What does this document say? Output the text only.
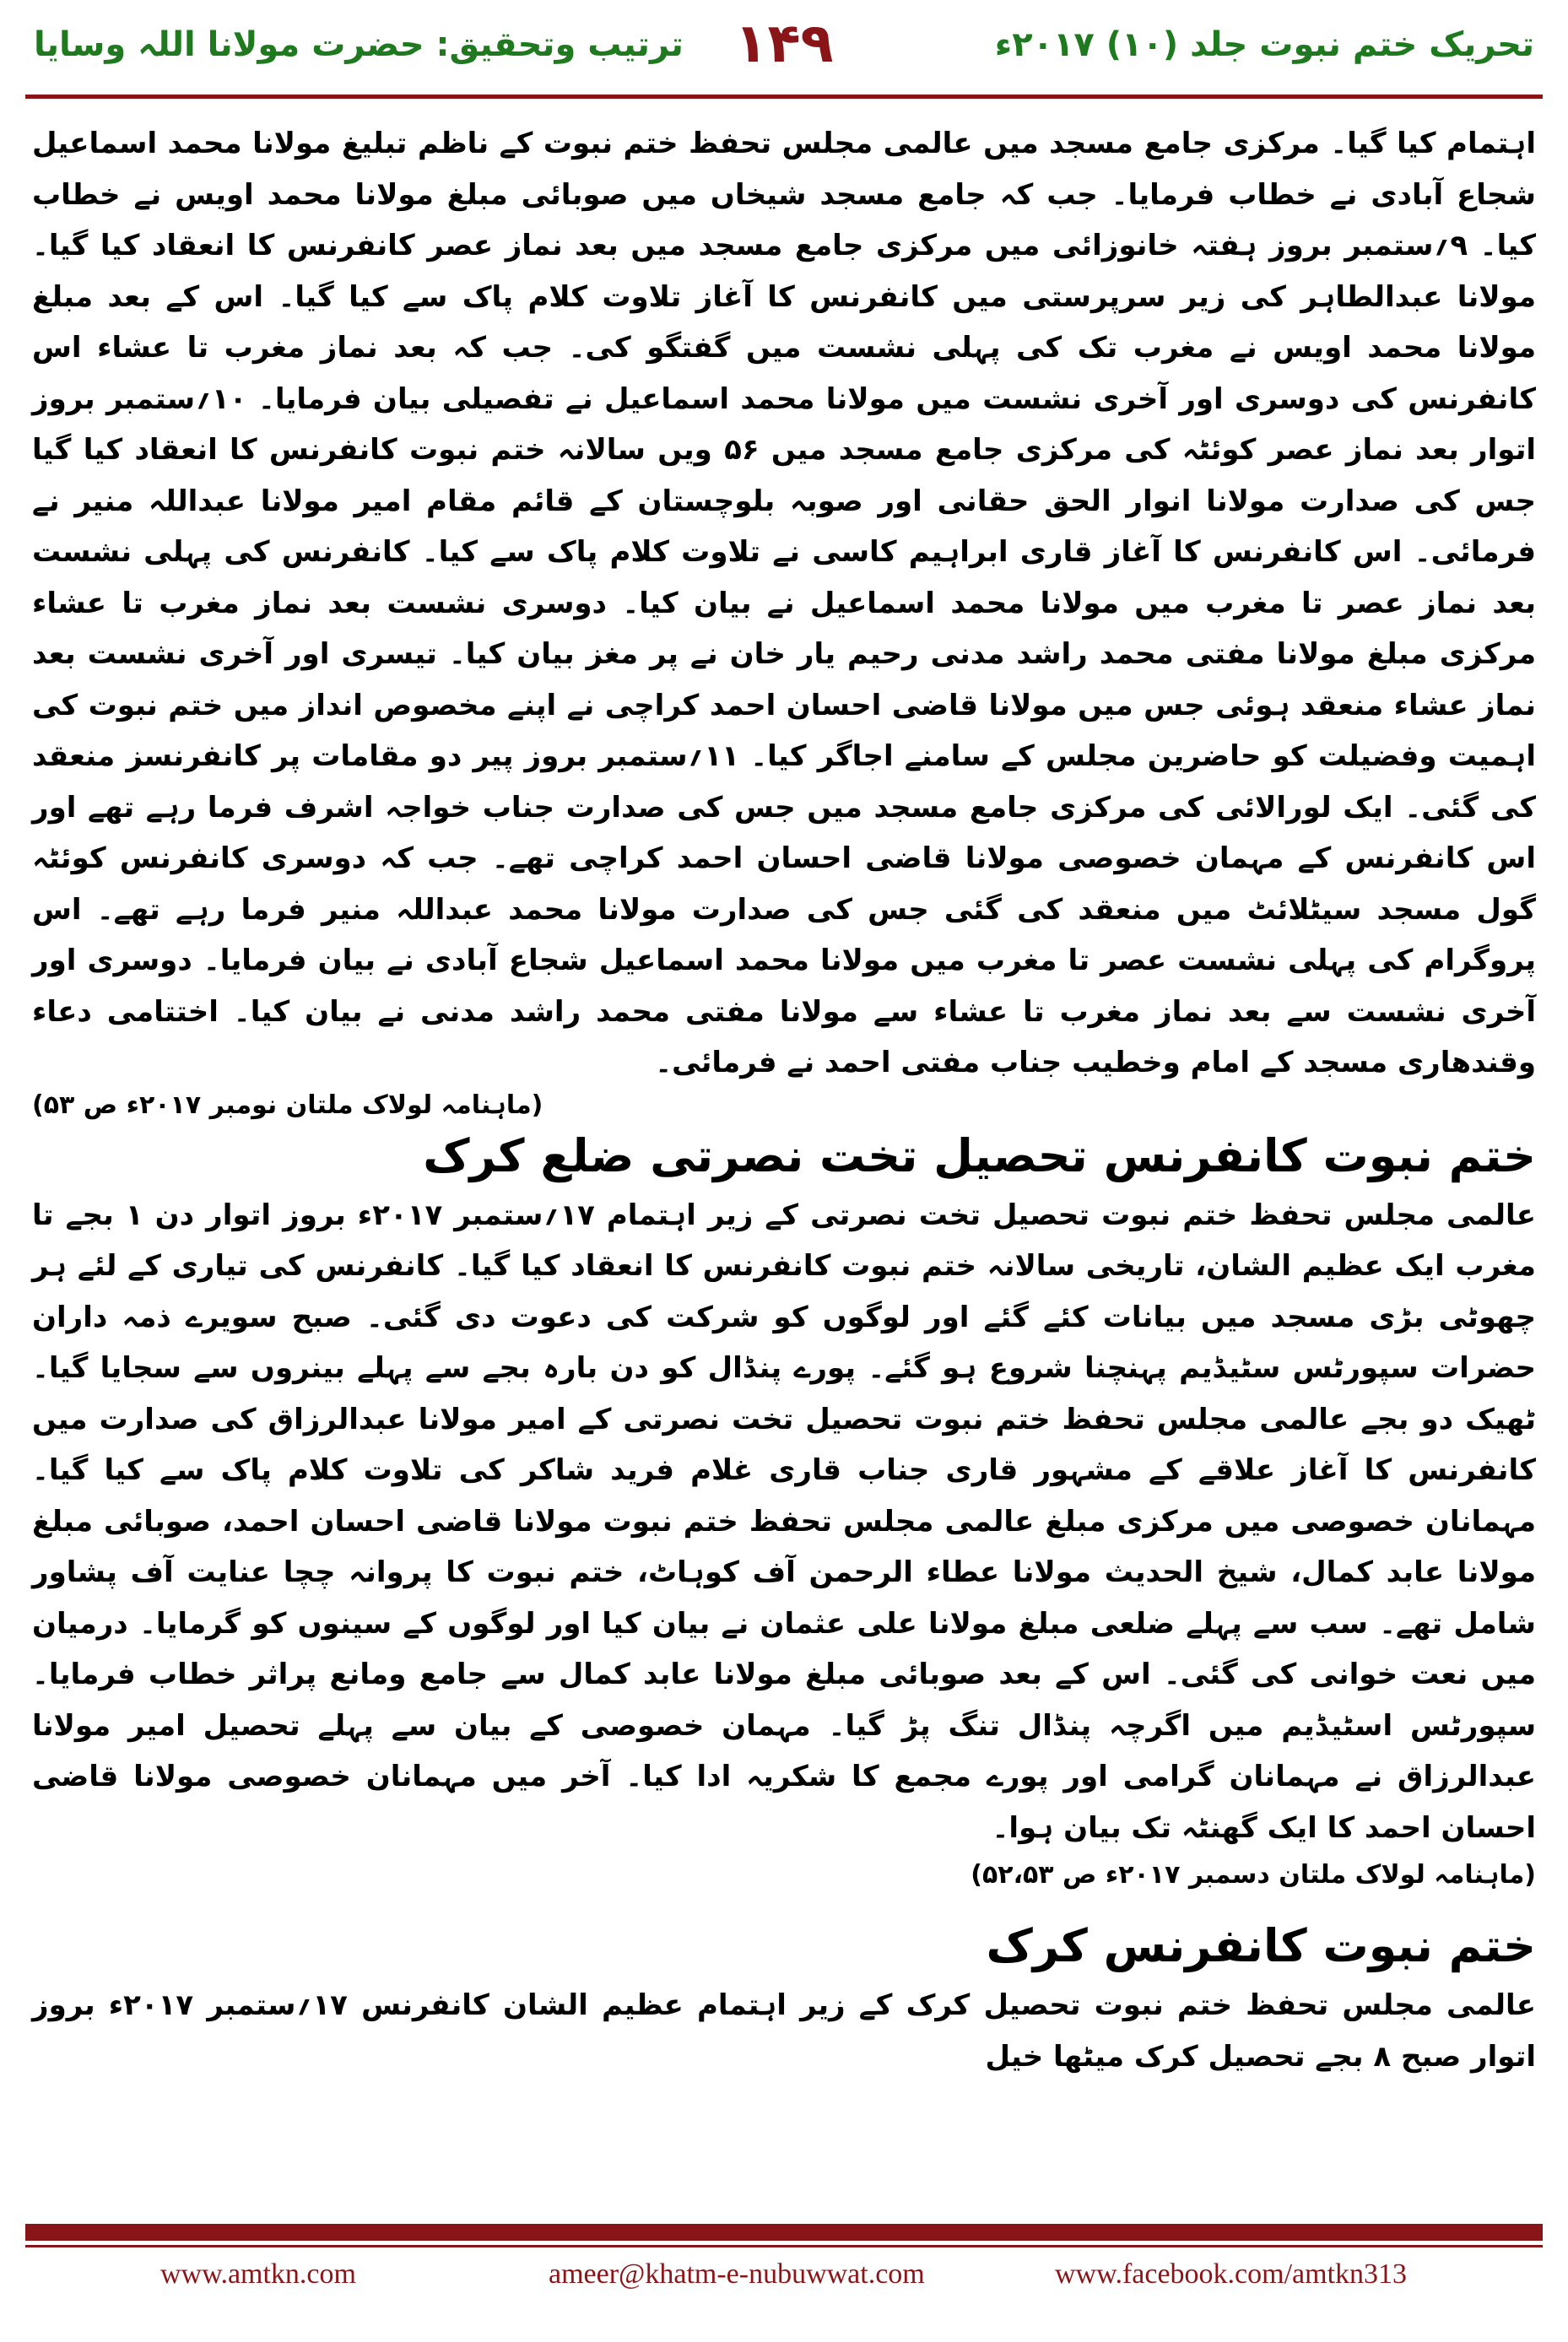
تحریک ختم نبوت جلد (۱۰) ۲۰۱۷ء
۱۴۹
ترتیب وتحقیق: حضرت مولانا اللہ وسایا

اہتمام کیا گیا۔ مرکزی جامع مسجد میں عالمی مجلس تحفظ ختم نبوت کے ناظم تبلیغ مولانا محمد اسماعیل شجاع آبادی نے خطاب فرمایا۔ جب کہ جامع مسجد شیخاں میں صوبائی مبلغ مولانا محمد اویس نے خطاب کیا۔ ۹؍ستمبر بروز ہفتہ خانوزائی میں مرکزی جامع مسجد میں بعد نماز عصر کانفرنس کا انعقاد کیا گیا۔ مولانا عبدالطاہر کی زیر سرپرستی میں کانفرنس کا آغاز تلاوت کلام پاک سے کیا گیا۔ اس کے بعد مبلغ مولانا محمد اویس نے مغرب تک کی پہلی نشست میں گفتگو کی۔ جب کہ بعد نماز مغرب تا عشاء اس کانفرنس کی دوسری اور آخری نشست میں مولانا محمد اسماعیل نے تفصیلی بیان فرمایا۔ ۱۰؍ستمبر بروز اتوار بعد نماز عصر کوئٹہ کی مرکزی جامع مسجد میں ۵۶ ویں سالانہ ختم نبوت کانفرنس کا انعقاد کیا گیا جس کی صدارت مولانا انوار الحق حقانی اور صوبہ بلوچستان کے قائم مقام امیر مولانا عبداللہ منیر نے فرمائی۔ اس کانفرنس کا آغاز قاری ابراہیم کاسی نے تلاوت کلام پاک سے کیا۔ کانفرنس کی پہلی نشست بعد نماز عصر تا مغرب میں مولانا محمد اسماعیل نے بیان کیا۔ دوسری نشست بعد نماز مغرب تا عشاء مرکزی مبلغ مولانا مفتی محمد راشد مدنی رحیم یار خان نے پر مغز بیان کیا۔ تیسری اور آخری نشست بعد نماز عشاء منعقد ہوئی جس میں مولانا قاضی احسان احمد کراچی نے اپنے مخصوص انداز میں ختم نبوت کی اہمیت وفضیلت کو حاضرین مجلس کے سامنے اجاگر کیا۔ ۱۱؍ستمبر بروز پیر دو مقامات پر کانفرنسز منعقد کی گئی۔ ایک لورالائی کی مرکزی جامع مسجد میں جس کی صدارت جناب خواجہ اشرف فرما رہے تھے اور اس کانفرنس کے مہمان خصوصی مولانا قاضی احسان احمد کراچی تھے۔ جب کہ دوسری کانفرنس کوئٹہ گول مسجد سیٹلائٹ میں منعقد کی گئی جس کی صدارت مولانا محمد عبداللہ منیر فرما رہے تھے۔ اس پروگرام کی پہلی نشست عصر تا مغرب میں مولانا محمد اسماعیل شجاع آبادی نے بیان فرمایا۔ دوسری اور آخری نشست سے بعد نماز مغرب تا عشاء سے مولانا مفتی محمد راشد مدنی نے بیان کیا۔ اختتامی دعاء وقندھاری مسجد کے امام وخطیب جناب مفتی احمد نے فرمائی۔

(ماہنامہ لولاک ملتان نومبر ۲۰۱۷ء ص ۵۳)

ختم نبوت کانفرنس تحصیل تخت نصرتی ضلع کرک

عالمی مجلس تحفظ ختم نبوت تحصیل تخت نصرتی کے زیر اہتمام ۱۷؍ستمبر ۲۰۱۷ء بروز اتوار دن ۱ بجے تا مغرب ایک عظیم الشان، تاریخی سالانہ ختم نبوت کانفرنس کا انعقاد کیا گیا۔ کانفرنس کی تیاری کے لئے ہر چھوٹی بڑی مسجد میں بیانات کئے گئے اور لوگوں کو شرکت کی دعوت دی گئی۔ صبح سویرے ذمہ داران حضرات سپورٹس سٹیڈیم پہنچنا شروع ہو گئے۔ پورے پنڈال کو دن بارہ بجے سے پہلے بینروں سے سجایا گیا۔ ٹھیک دو بجے عالمی مجلس تحفظ ختم نبوت تحصیل تخت نصرتی کے امیر مولانا عبدالرزاق کی صدارت میں کانفرنس کا آغاز علاقے کے مشہور قاری جناب قاری غلام فرید شاکر کی تلاوت کلام پاک سے کیا گیا۔ مہمانان خصوصی میں مرکزی مبلغ عالمی مجلس تحفظ ختم نبوت مولانا قاضی احسان احمد، صوبائی مبلغ مولانا عابد کمال، شیخ الحدیث مولانا عطاء الرحمن آف کوہاٹ، ختم نبوت کا پروانہ چچا عنایت آف پشاور شامل تھے۔ سب سے پہلے ضلعی مبلغ مولانا علی عثمان نے بیان کیا اور لوگوں کے سینوں کو گرمایا۔ درمیان میں نعت خوانی کی گئی۔ اس کے بعد صوبائی مبلغ مولانا عابد کمال سے جامع ومانع پراثر خطاب فرمایا۔ سپورٹس اسٹیڈیم میں اگرچہ پنڈال تنگ پڑ گیا۔ مہمان خصوصی کے بیان سے پہلے تحصیل امیر مولانا عبدالرزاق نے مہمانان گرامی اور پورے مجمع کا شکریہ ادا کیا۔ آخر میں مہمانان خصوصی مولانا قاضی احسان احمد کا ایک گھنٹہ تک بیان ہوا۔

(ماہنامہ لولاک ملتان دسمبر ۲۰۱۷ء ص ۵۲،۵۳)

ختم نبوت کانفرنس کرک

عالمی مجلس تحفظ ختم نبوت تحصیل کرک کے زیر اہتمام عظیم الشان کانفرنس ۱۷؍ستمبر ۲۰۱۷ء بروز اتوار صبح ۸ بجے تحصیل کرک میٹھا خیل

www.amtkn.com	ameer@khatm-e-nubuwwat.com	www.facebook.com/amtkn313
